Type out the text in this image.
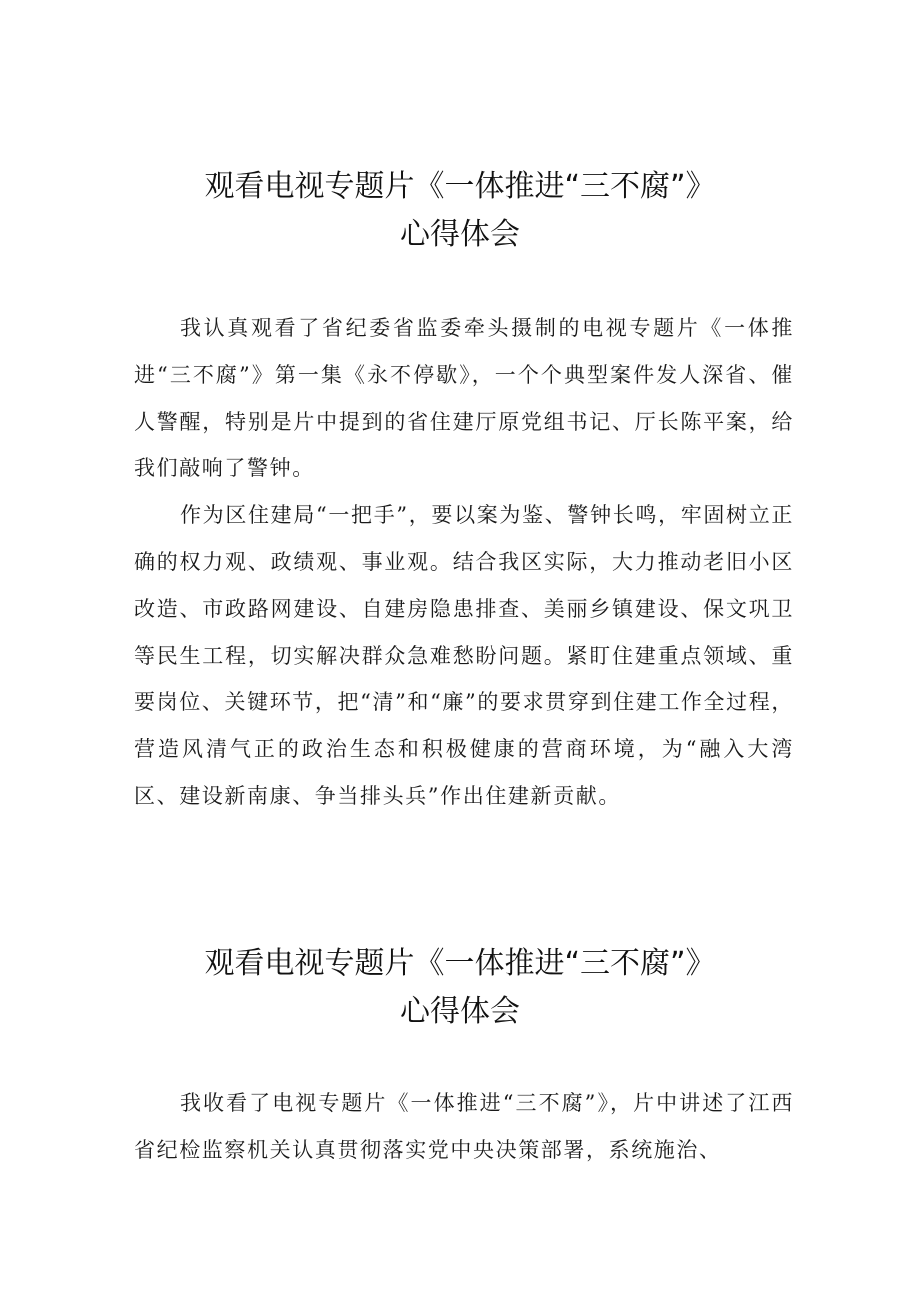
观看电视专题片《一体推进“三不腐”》
心得体会

我认真观看了省纪委省监委牵头摄制的电视专题片《一体推进“三不腐”》第一集《永不停歇》，一个个典型案件发人深省、催人警醒，特别是片中提到的省住建厅原党组书记、厅长陈平案，给我们敲响了警钟。

作为区住建局“一把手”，要以案为鉴、警钟长鸣，牢固树立正确的权力观、政绩观、事业观。结合我区实际，大力推动老旧小区改造、市政路网建设、自建房隐患排查、美丽乡镇建设、保文巩卫等民生工程，切实解决群众急难愁盼问题。紧盯住建重点领域、重要岗位、关键环节，把“清”和“廉”的要求贯穿到住建工作全过程，营造风清气正的政治生态和积极健康的营商环境，为“融入大湾区、建设新南康、争当排头兵”作出住建新贡献。

观看电视专题片《一体推进“三不腐”》
心得体会

我收看了电视专题片《一体推进“三不腐”》，片中讲述了江西省纪检监察机关认真贯彻落实党中央决策部署，系统施治、
